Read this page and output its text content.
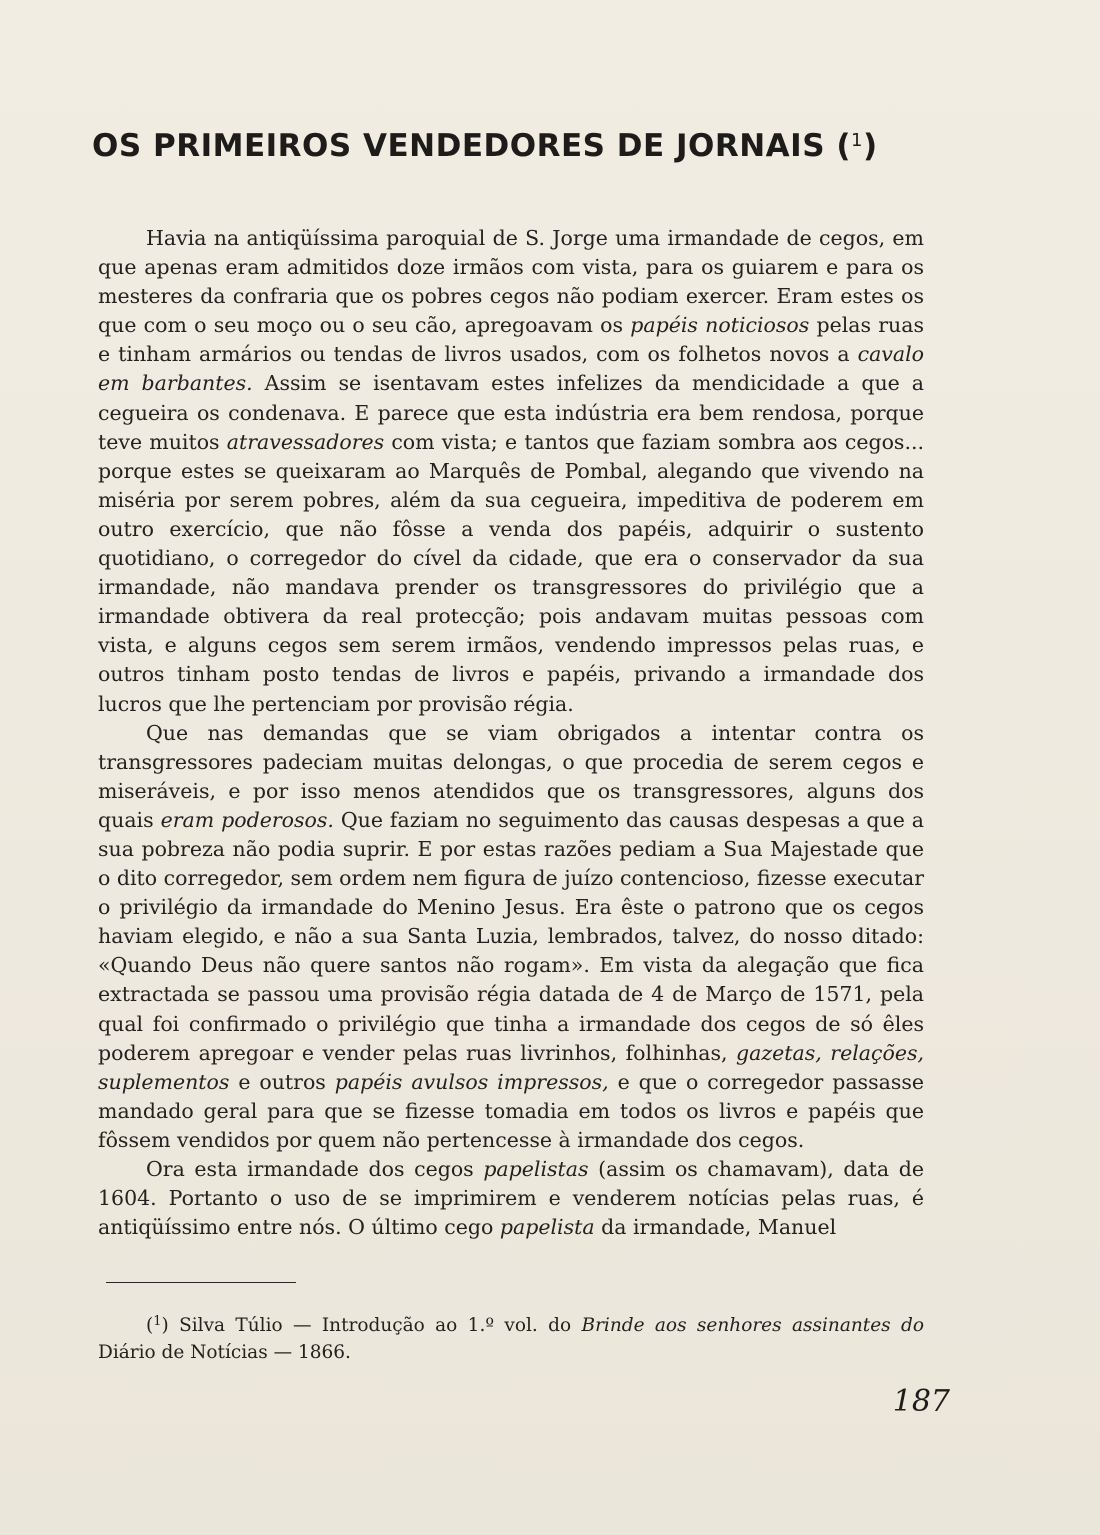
OS PRIMEIROS VENDEDORES DE JORNAIS ($^1$)

Havia na antiqüíssima paroquial de S. Jorge uma irmandade de cegos, em que apenas eram admitidos doze irmãos com vista, para os guiarem e para os mesteres da confraria que os pobres cegos não podiam exercer. Eram estes os que com o seu moço ou o seu cão, apregoavam os papéis noticiosos pelas ruas e tinham armários ou tendas de livros usados, com os folhetos novos a cavalo em barbantes. Assim se isentavam estes infelizes da mendicidade a que a cegueira os condenava. E parece que esta indústria era bem rendosa, porque teve muitos atravessadores com vista; e tantos que faziam sombra aos cegos... porque estes se queixaram ao Marquês de Pombal, alegando que vivendo na miséria por serem pobres, além da sua cegueira, impeditiva de poderem em outro exercício, que não fôsse a venda dos papéis, adquirir o sustento quotidiano, o corregedor do cível da cidade, que era o conservador da sua irmandade, não mandava prender os transgressores do privilégio que a irmandade obtivera da real protecção; pois andavam muitas pessoas com vista, e alguns cegos sem serem irmãos, vendendo impressos pelas ruas, e outros tinham posto tendas de livros e papéis, privando a irmandade dos lucros que lhe pertenciam por provisão régia.

Que nas demandas que se viam obrigados a intentar contra os transgressores padeciam muitas delongas, o que procedia de serem cegos e miseráveis, e por isso menos atendidos que os transgressores, alguns dos quais eram poderosos. Que faziam no seguimento das causas despesas a que a sua pobreza não podia suprir. E por estas razões pediam a Sua Majestade que o dito corregedor, sem ordem nem figura de juízo contencioso, fizesse executar o privilégio da irmandade do Menino Jesus. Era êste o patrono que os cegos haviam elegido, e não a sua Santa Luzia, lembrados, talvez, do nosso ditado: «Quando Deus não quere santos não rogam». Em vista da alegação que fica extractada se passou uma provisão régia datada de 4 de Março de 1571, pela qual foi confirmado o privilégio que tinha a irmandade dos cegos de só êles poderem apregoar e vender pelas ruas livrinhos, folhinhas, gazetas, relações, suplementos e outros papéis avulsos impressos, e que o corregedor passasse mandado geral para que se fizesse tomadia em todos os livros e papéis que fôssem vendidos por quem não pertencesse à irmandade dos cegos.

Ora esta irmandade dos cegos papelistas (assim os chamavam), data de 1604. Portanto o uso de se imprimirem e venderem notícias pelas ruas, é antiqüíssimo entre nós. O último cego papelista da irmandade, Manuel

($^1$) Silva Túlio — Introdução ao 1.º vol. do Brinde aos senhores assinantes do Diário de Notícias — 1866.
187
